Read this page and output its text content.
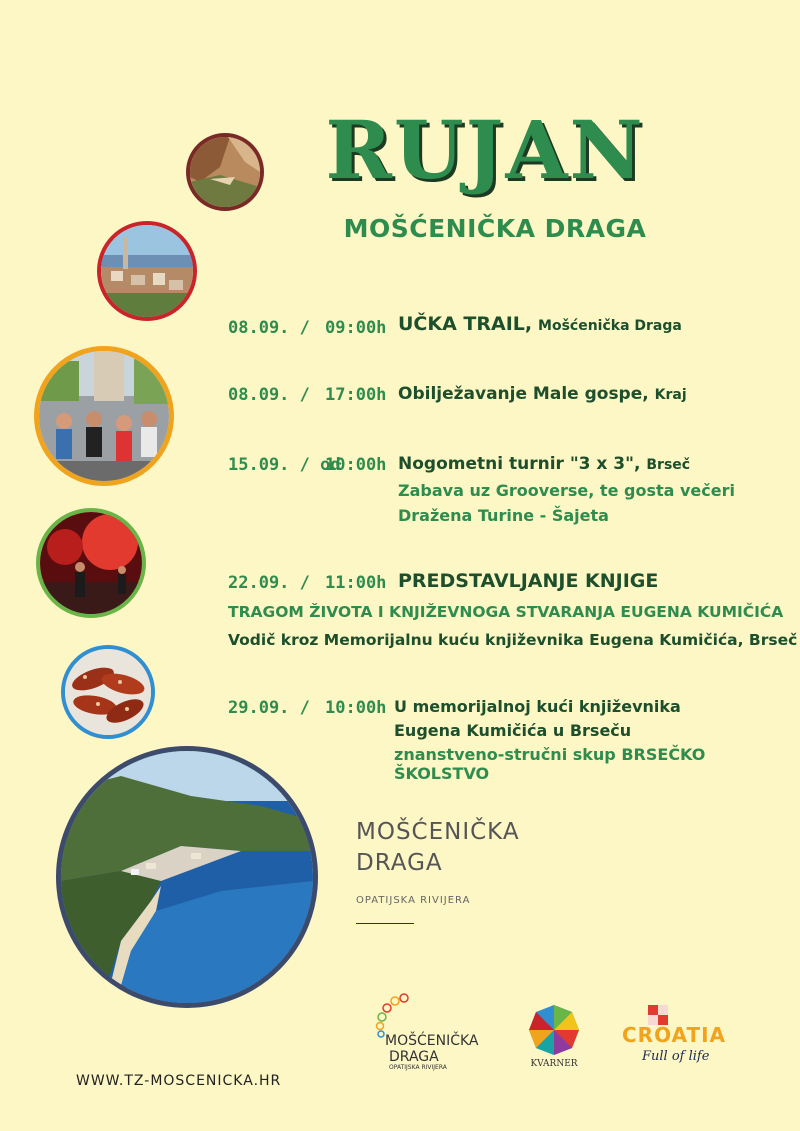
RUJAN
MOŠĆENIČKA DRAGA
08.09. / 09:00h UČKA TRAIL, Mošćenička Draga
08.09. / 17:00h Obilježavanje Male gospe, Kraj
15.09. / od
10:00h Nogometni turnir "3 x 3", Brseč
Zabava uz Grooverse, te gosta večeri
Dražena Turine - Šajeta
22.09. / 11:00h PREDSTAVLJANJE KNJIGE
TRAGOM ŽIVOTA I KNJIŽEVNOGA STVARANJA EUGENA KUMIČIĆA
Vodič kroz Memorijalnu kuću književnika Eugena Kumičića, Brseč
29.09. / 10:00h U memorijalnoj kući književnika
Eugena Kumičića u Brseču
znanstveno-stručni skup BRSEČKO ŠKOLSTVO
MOŠĆENIČKA
DRAGA
OPATIJSKA RIVIJERA
WWW.TZ-MOSCENICKA.HR
MOŠĆENIČKA
DRAGA
OPATIJSKA RIVIJERA	KVARNER
CROATIA
Full of life
